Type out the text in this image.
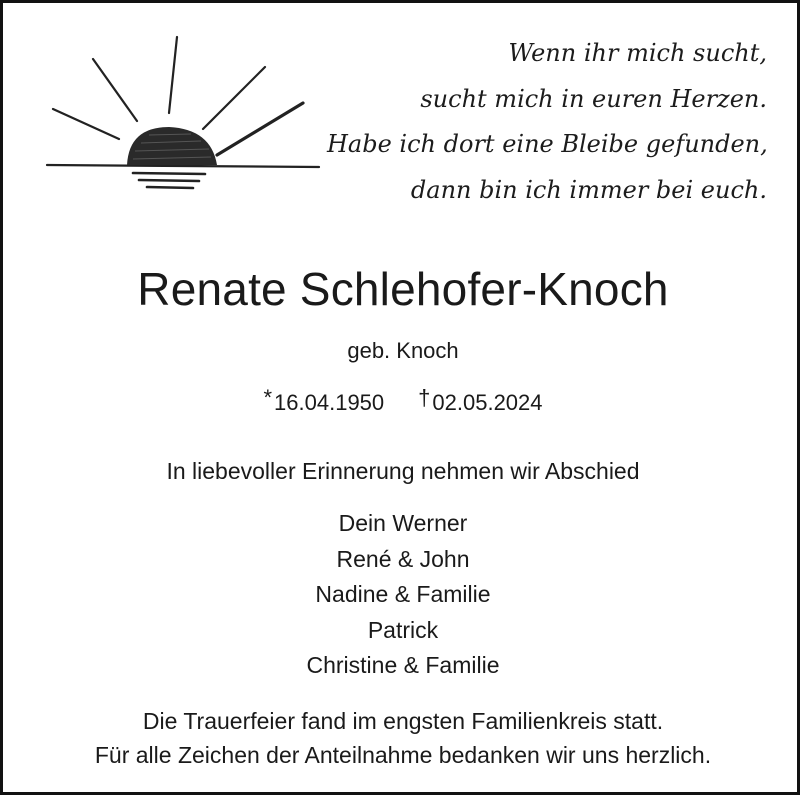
Wenn ihr mich sucht,
sucht mich in euren Herzen.
Habe ich dort eine Bleibe gefunden,
dann bin ich immer bei euch.
Renate Schlehofer-Knoch
geb. Knoch
*16.04.1950 †02.05.2024
In liebevoller Erinnerung nehmen wir Abschied
Dein Werner
René & John
Nadine & Familie
Patrick
Christine & Familie
Die Trauerfeier fand im engsten Familienkreis statt.
Für alle Zeichen der Anteilnahme bedanken wir uns herzlich.
